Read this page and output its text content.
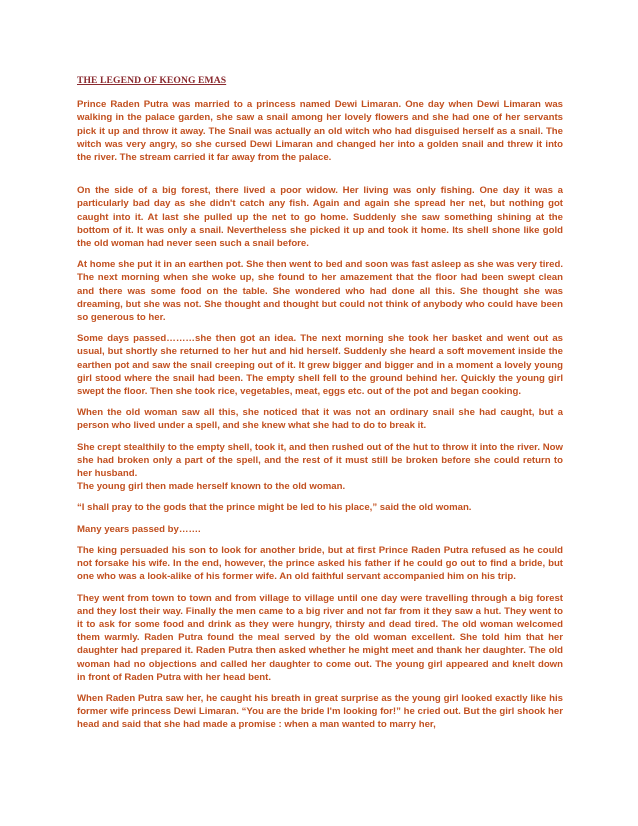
THE LEGEND OF KEONG EMAS

Prince Raden Putra was married to a princess named Dewi Limaran. One day when Dewi Limaran was walking in the palace garden, she saw a snail among her lovely flowers and she had one of her servants pick it up and throw it away. The Snail was actually an old witch who had disguised herself as a snail. The witch was very angry, so she cursed Dewi Limaran and changed her into a golden snail and threw it into the river. The stream carried it far away from the palace.

On the side of a big forest, there lived a poor widow. Her living was only fishing. One day it was a particularly bad day as she didn't catch any fish. Again and again she spread her net, but nothing got caught into it. At last she pulled up the net to go home. Suddenly she saw something shining at the bottom of it. It was only a snail. Nevertheless she picked it up and took it home. Its shell shone like gold the old woman had never seen such a snail before.

At home she put it in an earthen pot. She then went to bed and soon was fast asleep as she was very tired. The next morning when she woke up, she found to her amazement that the floor had been swept clean and there was some food on the table. She wondered who had done all this. She thought she was dreaming, but she was not. She thought and thought but could not think of anybody who could have been so generous to her.

Some days passed………she then got an idea. The next morning she took her basket and went out as usual, but shortly she returned to her hut and hid herself. Suddenly she heard a soft movement inside the earthen pot and saw the snail creeping out of it. It grew bigger and bigger and in a moment a lovely young girl stood where the snail had been. The empty shell fell to the ground behind her. Quickly the young girl swept the floor. Then she took rice, vegetables, meat, eggs etc. out of the pot and began cooking.

When the old woman saw all this, she noticed that it was not an ordinary snail she had caught, but a person who lived under a spell, and she knew what she had to do to break it.

She crept stealthily to the empty shell, took it, and then rushed out of the hut to throw it into the river. Now she had broken only a part of the spell, and the rest of it must still be broken before she could return to her husband.

The young girl then made herself known to the old woman.

“I shall pray to the gods that the prince might be led to his place,” said the old woman.

Many years passed by…….

The king persuaded his son to look for another bride, but at first Prince Raden Putra refused as he could not forsake his wife. In the end, however, the prince asked his father if he could go out to find a bride, but one who was a look-alike of his former wife. An old faithful servant accompanied him on his trip.

They went from town to town and from village to village until one day were travelling through a big forest and they lost their way. Finally the men came to a big river and not far from it they saw a hut. They went to it to ask for some food and drink as they were hungry, thirsty and dead tired. The old woman welcomed them warmly. Raden Putra found the meal served by the old woman excellent. She told him that her daughter had prepared it. Raden Putra then asked whether he might meet and thank her daughter. The old woman had no objections and called her daughter to come out. The young girl appeared and knelt down in front of Raden Putra with her head bent.

When Raden Putra saw her, he caught his breath in great surprise as the young girl looked exactly like his former wife princess Dewi Limaran. “You are the bride I'm looking for!” he cried out. But the girl shook her head and said that she had made a promise : when a man wanted to marry her,
